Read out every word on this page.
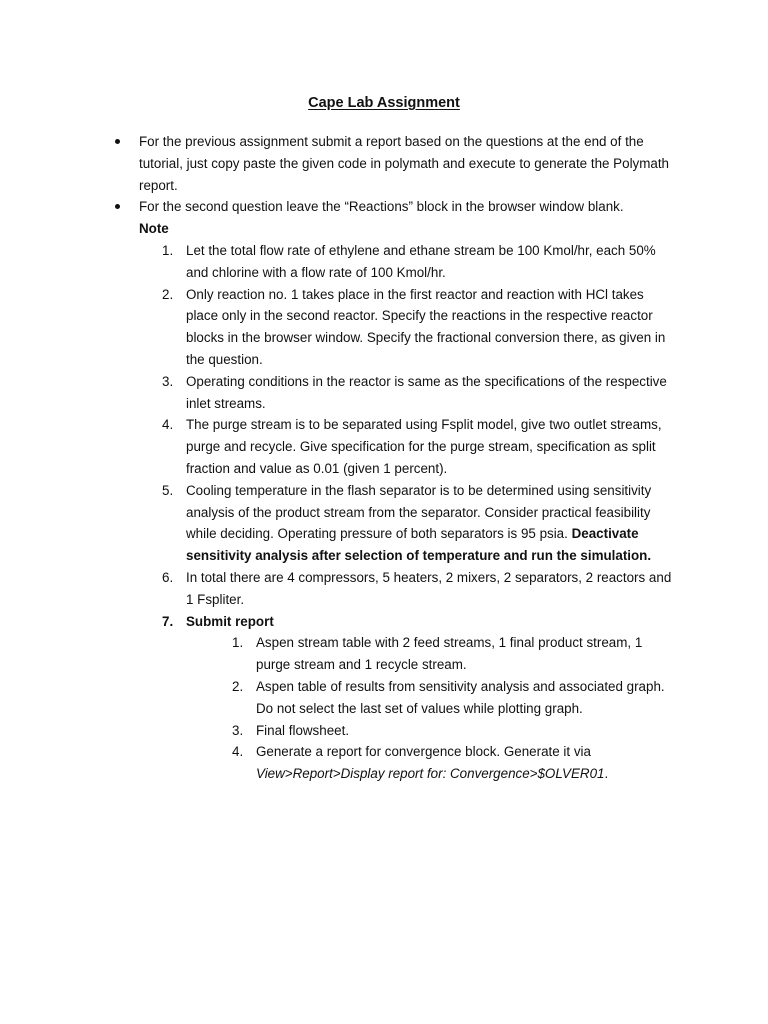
Cape Lab Assignment
For the previous assignment submit a report based on the questions at the end of the tutorial, just copy paste the given code in polymath and execute to generate the Polymath report.
For the second question leave the “Reactions” block in the browser window blank.
Note
1. Let the total flow rate of ethylene and ethane stream be 100 Kmol/hr, each 50% and chlorine with a flow rate of 100 Kmol/hr.
2. Only reaction no. 1 takes place in the first reactor and reaction with HCl takes place only in the second reactor. Specify the reactions in the respective reactor blocks in the browser window. Specify the fractional conversion there, as given in the question.
3. Operating conditions in the reactor is same as the specifications of the respective inlet streams.
4. The purge stream is to be separated using Fsplit model, give two outlet streams, purge and recycle. Give specification for the purge stream, specification as split fraction and value as 0.01 (given 1 percent).
5. Cooling temperature in the flash separator is to be determined using sensitivity analysis of the product stream from the separator. Consider practical feasibility while deciding. Operating pressure of both separators is 95 psia. Deactivate sensitivity analysis after selection of temperature and run the simulation.
6. In total there are 4 compressors, 5 heaters, 2 mixers, 2 separators, 2 reactors and 1 Fspliter.
7. Submit report
1. Aspen stream table with 2 feed streams, 1 final product stream, 1 purge stream and 1 recycle stream.
2. Aspen table of results from sensitivity analysis and associated graph. Do not select the last set of values while plotting graph.
3. Final flowsheet.
4. Generate a report for convergence block. Generate it via View>Report>Display report for: Convergence>$OLVER01.
